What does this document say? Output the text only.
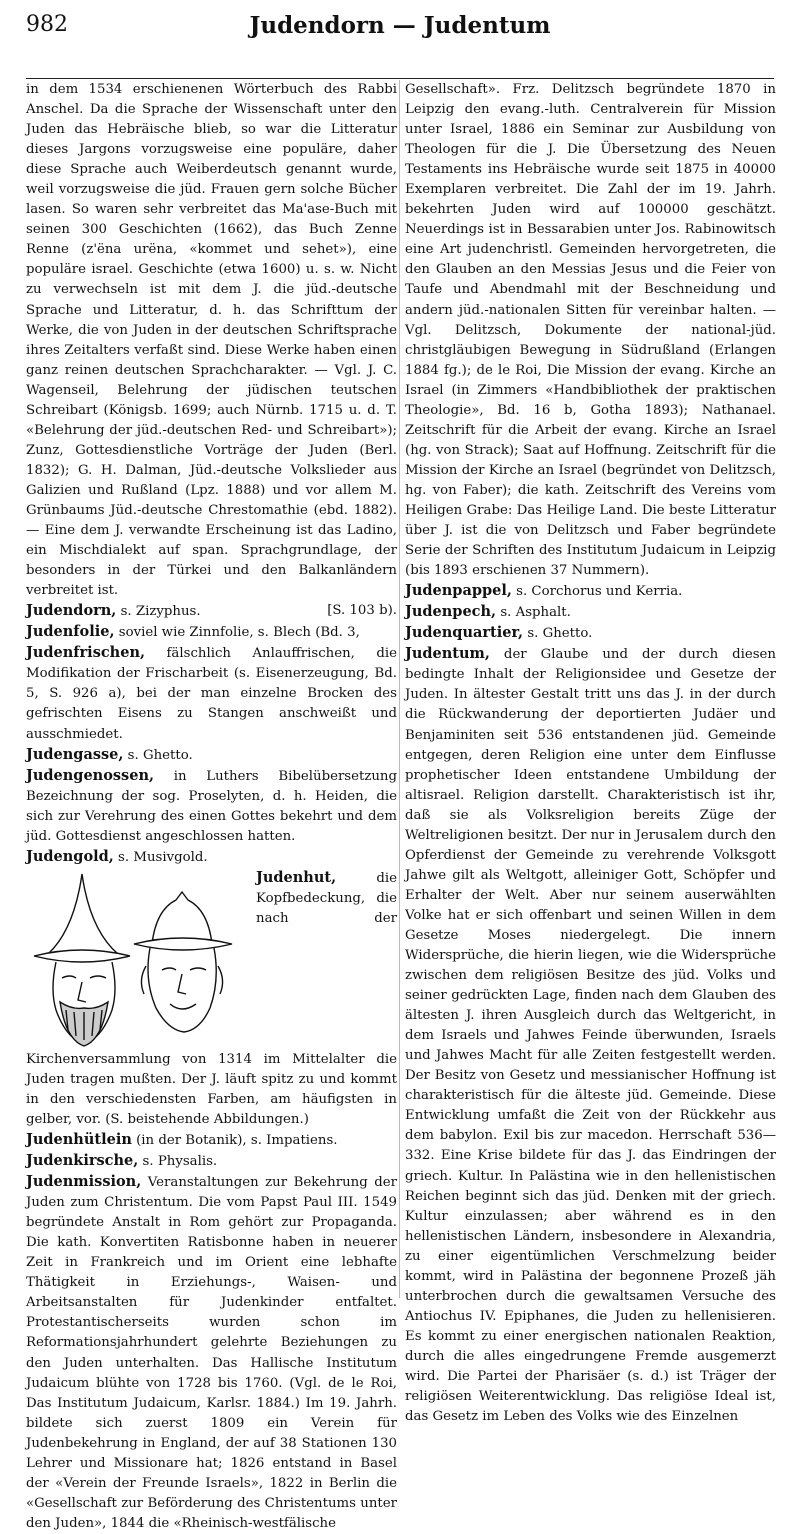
982	Judendorn — Judentum

in dem 1534 erschienenen Wörterbuch des Rabbi Anschel. Da die Sprache der Wissenschaft unter den Juden das Hebräische blieb, so war die Litteratur dieses Jargons vorzugsweise eine populäre, daher diese Sprache auch Weiberdeutsch genannt wurde, weil vorzugsweise die jüd. Frauen gern solche Bücher lasen. So waren sehr verbreitet das Ma'ase-Buch mit seinen 300 Geschichten (1662), das Buch Zenne Renne (z'ëna urëna, «kommet und sehet»), eine populäre israel. Geschichte (etwa 1600) u. s. w. Nicht zu verwechseln ist mit dem J. die jüd.-deutsche Sprache und Litteratur, d. h. das Schrifttum der Werke, die von Juden in der deutschen Schriftsprache ihres Zeitalters verfaßt sind. Diese Werke haben einen ganz reinen deutschen Sprachcharakter. — Vgl. J. C. Wagenseil, Belehrung der jüdischen teutschen Schreibart (Königsb. 1699; auch Nürnb. 1715 u. d. T. «Belehrung der jüd.-deutschen Red- und Schreibart»); Zunz, Gottesdienstliche Vorträge der Juden (Berl. 1832); G. H. Dalman, Jüd.-deutsche Volkslieder aus Galizien und Rußland (Lpz. 1888) und vor allem M. Grünbaums Jüd.-deutsche Chrestomathie (ebd. 1882). — Eine dem J. verwandte Erscheinung ist das Ladino, ein Mischdialekt auf span. Sprachgrundlage, der besonders in der Türkei und den Balkanländern verbreitet ist.

Judendorn, s. Zizyphus.	[S. 103 b).

Judenfolie, soviel wie Zinnfolie, s. Blech (Bd. 3,

Judenfrischen, fälschlich Anlauffrischen, die Modifikation der Frischarbeit (s. Eisenerzeugung, Bd. 5, S. 926 a), bei der man einzelne Brocken des gefrischten Eisens zu Stangen anschweißt und ausschmiedet.

Judengasse, s. Ghetto.

Judengenossen, in Luthers Bibelübersetzung Bezeichnung der sog. Proselyten, d. h. Heiden, die sich zur Verehrung des einen Gottes bekehrt und dem jüd. Gottesdienst angeschlossen hatten.

Judengold, s. Musivgold.

Judenhut,	die Kopfbedeckung, die nach der Kirchenversammlung von 1314 im Mittelalter die Juden tragen mußten. Der J. läuft spitz zu und kommt in den verschiedensten Farben, am häufigsten in gelber, vor. (S. beistehende Abbildungen.)

Judenhütlein (in der Botanik), s. Impatiens.

Judenkirsche, s. Physalis.

Judenmission, Veranstaltungen zur Bekehrung der Juden zum Christentum. Die vom Papst Paul III. 1549 begründete Anstalt in Rom gehört zur Propaganda. Die kath. Konvertiten Ratisbonne haben in neuerer Zeit in Frankreich und im Orient eine lebhafte Thätigkeit in Erziehungs-, Waisen- und Arbeitsanstalten für Judenkinder entfaltet. Protestantischerseits wurden schon im Reformationsjahrhundert gelehrte Beziehungen zu den Juden unterhalten. Das Hallische Institutum Judaicum blühte von 1728 bis 1760. (Vgl. de le Roi, Das Institutum Judaicum, Karlsr. 1884.) Im 19. Jahrh. bildete sich zuerst 1809 ein Verein für Judenbekehrung in England, der auf 38 Stationen 130 Lehrer und Missionare hat; 1826 entstand in Basel der «Verein der Freunde Israels», 1822 in Berlin die «Gesellschaft zur Beförderung des Christentums unter den Juden», 1844 die «Rheinisch-westfälische

Gesellschaft». Frz. Delitzsch begründete 1870 in Leipzig den evang.-luth. Centralverein für Mission unter Israel, 1886 ein Seminar zur Ausbildung von Theologen für die J. Die Übersetzung des Neuen Testaments ins Hebräische wurde seit 1875 in 40000 Exemplaren verbreitet. Die Zahl der im 19. Jahrh. bekehrten Juden wird auf 100000 geschätzt. Neuerdings ist in Bessarabien unter Jos. Rabinowitsch eine Art judenchristl. Gemeinden hervorgetreten, die den Glauben an den Messias Jesus und die Feier von Taufe und Abendmahl mit der Beschneidung und andern jüd.-nationalen Sitten für vereinbar halten. — Vgl. Delitzsch, Dokumente der national-jüd. christgläubigen Bewegung in Südrußland (Erlangen 1884 fg.); de le Roi, Die Mission der evang. Kirche an Israel (in Zimmers «Handbibliothek der praktischen Theologie», Bd. 16 b, Gotha 1893); Nathanael. Zeitschrift für die Arbeit der evang. Kirche an Israel (hg. von Strack); Saat auf Hoffnung. Zeitschrift für die Mission der Kirche an Israel (begründet von Delitzsch, hg. von Faber); die kath. Zeitschrift des Vereins vom Heiligen Grabe: Das Heilige Land. Die beste Litteratur über J. ist die von Delitzsch und Faber begründete Serie der Schriften des Institutum Judaicum in Leipzig (bis 1893 erschienen 37 Nummern).

Judenpappel, s. Corchorus und Kerria.

Judenpech, s. Asphalt.

Judenquartier, s. Ghetto.

Judentum, der Glaube und der durch diesen bedingte Inhalt der Religionsidee und Gesetze der Juden. In ältester Gestalt tritt uns das J. in der durch die Rückwanderung der deportierten Judäer und Benjaminiten seit 536 entstandenen jüd. Gemeinde entgegen, deren Religion eine unter dem Einflusse prophetischer Ideen entstandene Umbildung der altisrael. Religion darstellt. Charakteristisch ist ihr, daß sie als Volksreligion bereits Züge der Weltreligionen besitzt. Der nur in Jerusalem durch den Opferdienst der Gemeinde zu verehrende Volksgott Jahwe gilt als Weltgott, alleiniger Gott, Schöpfer und Erhalter der Welt. Aber nur seinem auserwählten Volke hat er sich offenbart und seinen Willen in dem Gesetze Moses niedergelegt. Die innern Widersprüche, die hierin liegen, wie die Widersprüche zwischen dem religiösen Besitze des jüd. Volks und seiner gedrückten Lage, finden nach dem Glauben des ältesten J. ihren Ausgleich durch das Weltgericht, in dem Israels und Jahwes Feinde überwunden, Israels und Jahwes Macht für alle Zeiten festgestellt werden. Der Besitz von Gesetz und messianischer Hoffnung ist charakteristisch für die älteste jüd. Gemeinde. Diese Entwicklung umfaßt die Zeit von der Rückkehr aus dem babylon. Exil bis zur macedon. Herrschaft 536—332. Eine Krise bildete für das J. das Eindringen der griech. Kultur. In Palästina wie in den hellenistischen Reichen beginnt sich das jüd. Denken mit der griech. Kultur einzulassen; aber während es in den hellenistischen Ländern, insbesondere in Alexandria, zu einer eigentümlichen Verschmelzung beider kommt, wird in Palästina der begonnene Prozeß jäh unterbrochen durch die gewaltsamen Versuche des Antiochus IV. Epiphanes, die Juden zu hellenisieren. Es kommt zu einer energischen nationalen Reaktion, durch die alles eingedrungene Fremde ausgemerzt wird. Die Partei der Pharisäer (s. d.) ist Träger der religiösen Weiterentwicklung. Das religiöse Ideal ist, das Gesetz im Leben des Volks wie des Einzelnen
